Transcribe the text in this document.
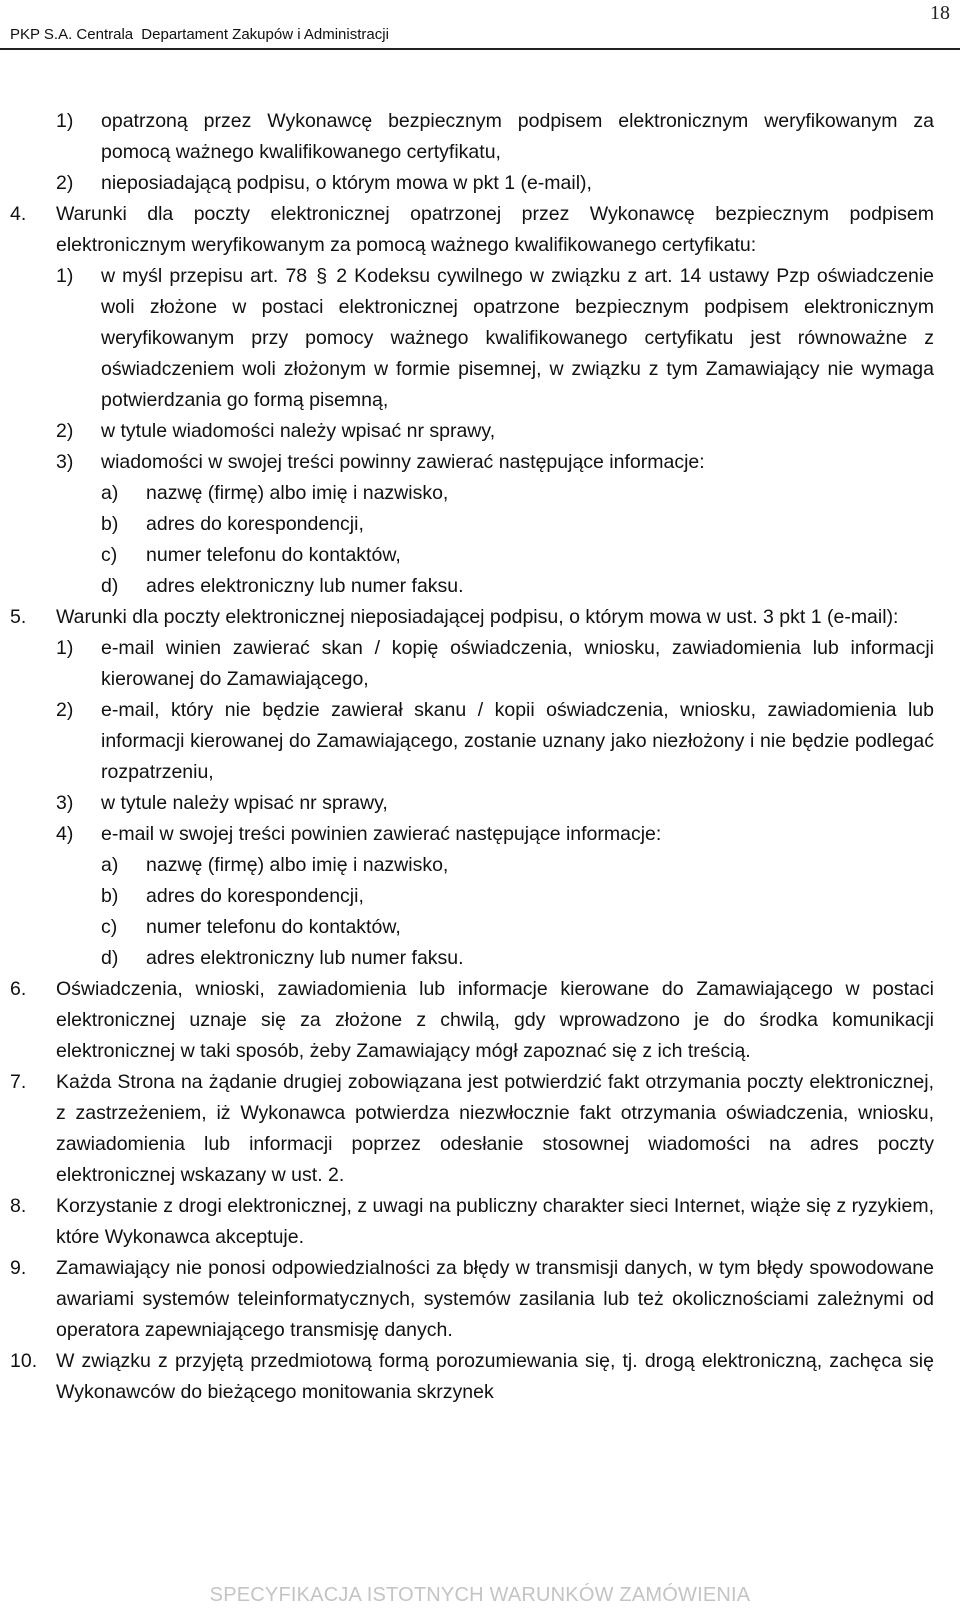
PKP S.A. Centrala Departament Zakupów i Administracji
18
1) opatrzoną przez Wykonawcę bezpiecznym podpisem elektronicznym weryfikowanym za pomocą ważnego kwalifikowanego certyfikatu,
2) nieposiadającą podpisu, o którym mowa w pkt 1 (e-mail),
4. Warunki dla poczty elektronicznej opatrzonej przez Wykonawcę bezpiecznym podpisem elektronicznym weryfikowanym za pomocą ważnego kwalifikowanego certyfikatu:
1) w myśl przepisu art. 78 § 2 Kodeksu cywilnego w związku z art. 14 ustawy Pzp oświadczenie woli złożone w postaci elektronicznej opatrzone bezpiecznym podpisem elektronicznym weryfikowanym przy pomocy ważnego kwalifikowanego certyfikatu jest równoważne z oświadczeniem woli złożonym w formie pisemnej, w związku z tym Zamawiający nie wymaga potwierdzania go formą pisemną,
2) w tytule wiadomości należy wpisać nr sprawy,
3) wiadomości w swojej treści powinny zawierać następujące informacje:
a) nazwę (firmę) albo imię i nazwisko,
b) adres do korespondencji,
c) numer telefonu do kontaktów,
d) adres elektroniczny lub numer faksu.
5. Warunki dla poczty elektronicznej nieposiadającej podpisu, o którym mowa w ust. 3 pkt 1 (e-mail):
1) e-mail winien zawierać skan / kopię oświadczenia, wniosku, zawiadomienia lub informacji kierowanej do Zamawiającego,
2) e-mail, który nie będzie zawierał skanu / kopii oświadczenia, wniosku, zawiadomienia lub informacji kierowanej do Zamawiającego, zostanie uznany jako niezłożony i nie będzie podlegać rozpatrzeniu,
3) w tytule należy wpisać nr sprawy,
4) e-mail w swojej treści powinien zawierać następujące informacje:
a) nazwę (firmę) albo imię i nazwisko,
b) adres do korespondencji,
c) numer telefonu do kontaktów,
d) adres elektroniczny lub numer faksu.
6. Oświadczenia, wnioski, zawiadomienia lub informacje kierowane do Zamawiającego w postaci elektronicznej uznaje się za złożone z chwilą, gdy wprowadzono je do środka komunikacji elektronicznej w taki sposób, żeby Zamawiający mógł zapoznać się z ich treścią.
7. Każda Strona na żądanie drugiej zobowiązana jest potwierdzić fakt otrzymania poczty elektronicznej, z zastrzeżeniem, iż Wykonawca potwierdza niezwłocznie fakt otrzymania oświadczenia, wniosku, zawiadomienia lub informacji poprzez odesłanie stosownej wiadomości na adres poczty elektronicznej wskazany w ust. 2.
8. Korzystanie z drogi elektronicznej, z uwagi na publiczny charakter sieci Internet, wiąże się z ryzykiem, które Wykonawca akceptuje.
9. Zamawiający nie ponosi odpowiedzialności za błędy w transmisji danych, w tym błędy spowodowane awariami systemów teleinformatycznych, systemów zasilania lub też okolicznościami zależnymi od operatora zapewniającego transmisję danych.
10. W związku z przyjętą przedmiotową formą porozumiewania się, tj. drogą elektroniczną, zachęca się Wykonawców do bieżącego monitowania skrzynek
SPECYFIKACJA ISTOTNYCH WARUNKÓW ZAMÓWIENIA
